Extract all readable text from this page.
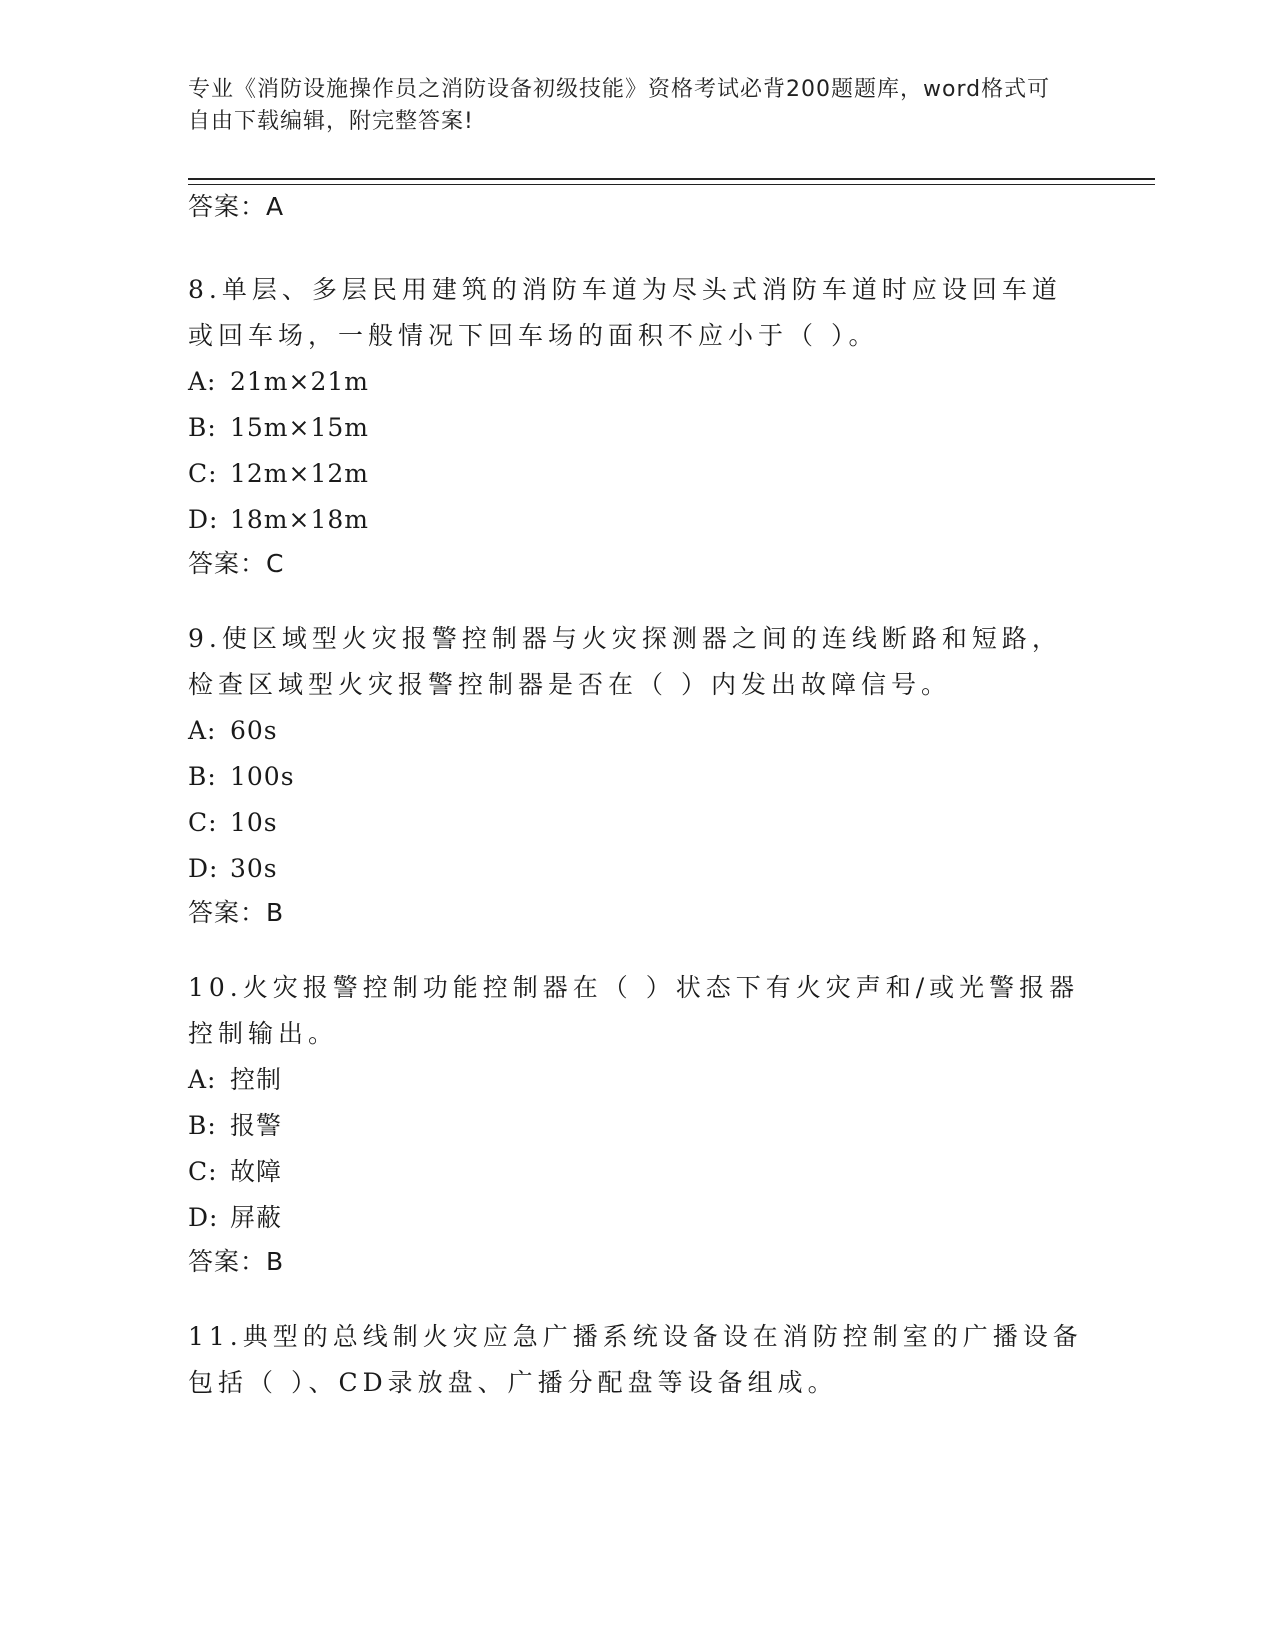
专业《消防设施操作员之消防设备初级技能》资格考试必背200题题库，word格式可自由下载编辑，附完整答案!
答案：A
8.单层、多层民用建筑的消防车道为尽头式消防车道时应设回车道或回车场，一般情况下回车场的面积不应小于（ ）。
A: 21m×21m
B: 15m×15m
C: 12m×12m
D: 18m×18m
答案：C
9.使区域型火灾报警控制器与火灾探测器之间的连线断路和短路，检查区域型火灾报警控制器是否在（ ）内发出故障信号。
A: 60s
B: 100s
C: 10s
D: 30s
答案：B
10.火灾报警控制功能控制器在（ ）状态下有火灾声和/或光警报器控制输出。
A: 控制
B: 报警
C: 故障
D: 屏蔽
答案：B
11.典型的总线制火灾应急广播系统设备设在消防控制室的广播设备包括（ ）、CD录放盘、广播分配盘等设备组成。
